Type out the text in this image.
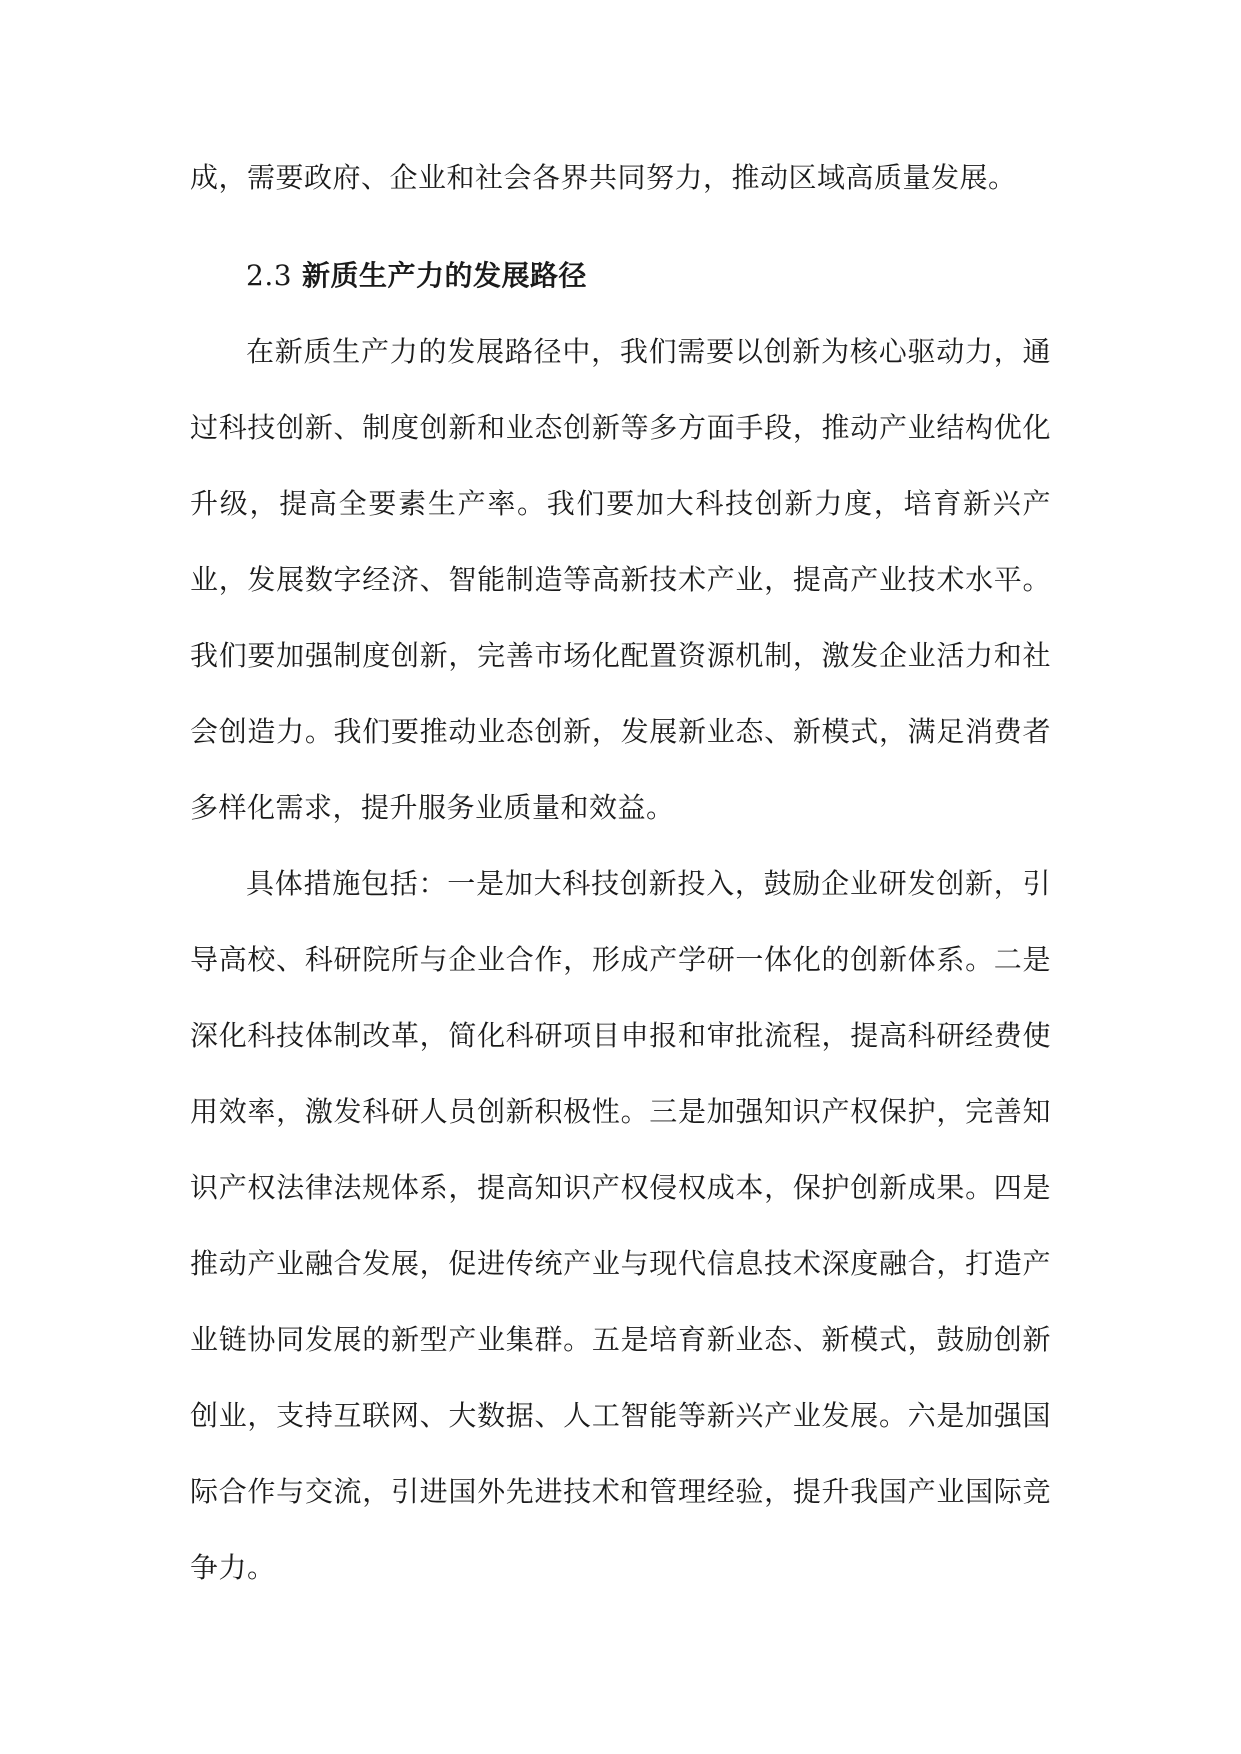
成，需要政府、企业和社会各界共同努力，推动区域高质量发展。

2.3 新质生产力的发展路径

在新质生产力的发展路径中，我们需要以创新为核心驱动力，通过科技创新、制度创新和业态创新等多方面手段，推动产业结构优化升级，提高全要素生产率。我们要加大科技创新力度，培育新兴产业，发展数字经济、智能制造等高新技术产业，提高产业技术水平。我们要加强制度创新，完善市场化配置资源机制，激发企业活力和社会创造力。我们要推动业态创新，发展新业态、新模式，满足消费者多样化需求，提升服务业质量和效益。

具体措施包括：一是加大科技创新投入，鼓励企业研发创新，引导高校、科研院所与企业合作，形成产学研一体化的创新体系。二是深化科技体制改革，简化科研项目申报和审批流程，提高科研经费使用效率，激发科研人员创新积极性。三是加强知识产权保护，完善知识产权法律法规体系，提高知识产权侵权成本，保护创新成果。四是推动产业融合发展，促进传统产业与现代信息技术深度融合，打造产业链协同发展的新型产业集群。五是培育新业态、新模式，鼓励创新创业，支持互联网、大数据、人工智能等新兴产业发展。六是加强国际合作与交流，引进国外先进技术和管理经验，提升我国产业国际竞争力。
